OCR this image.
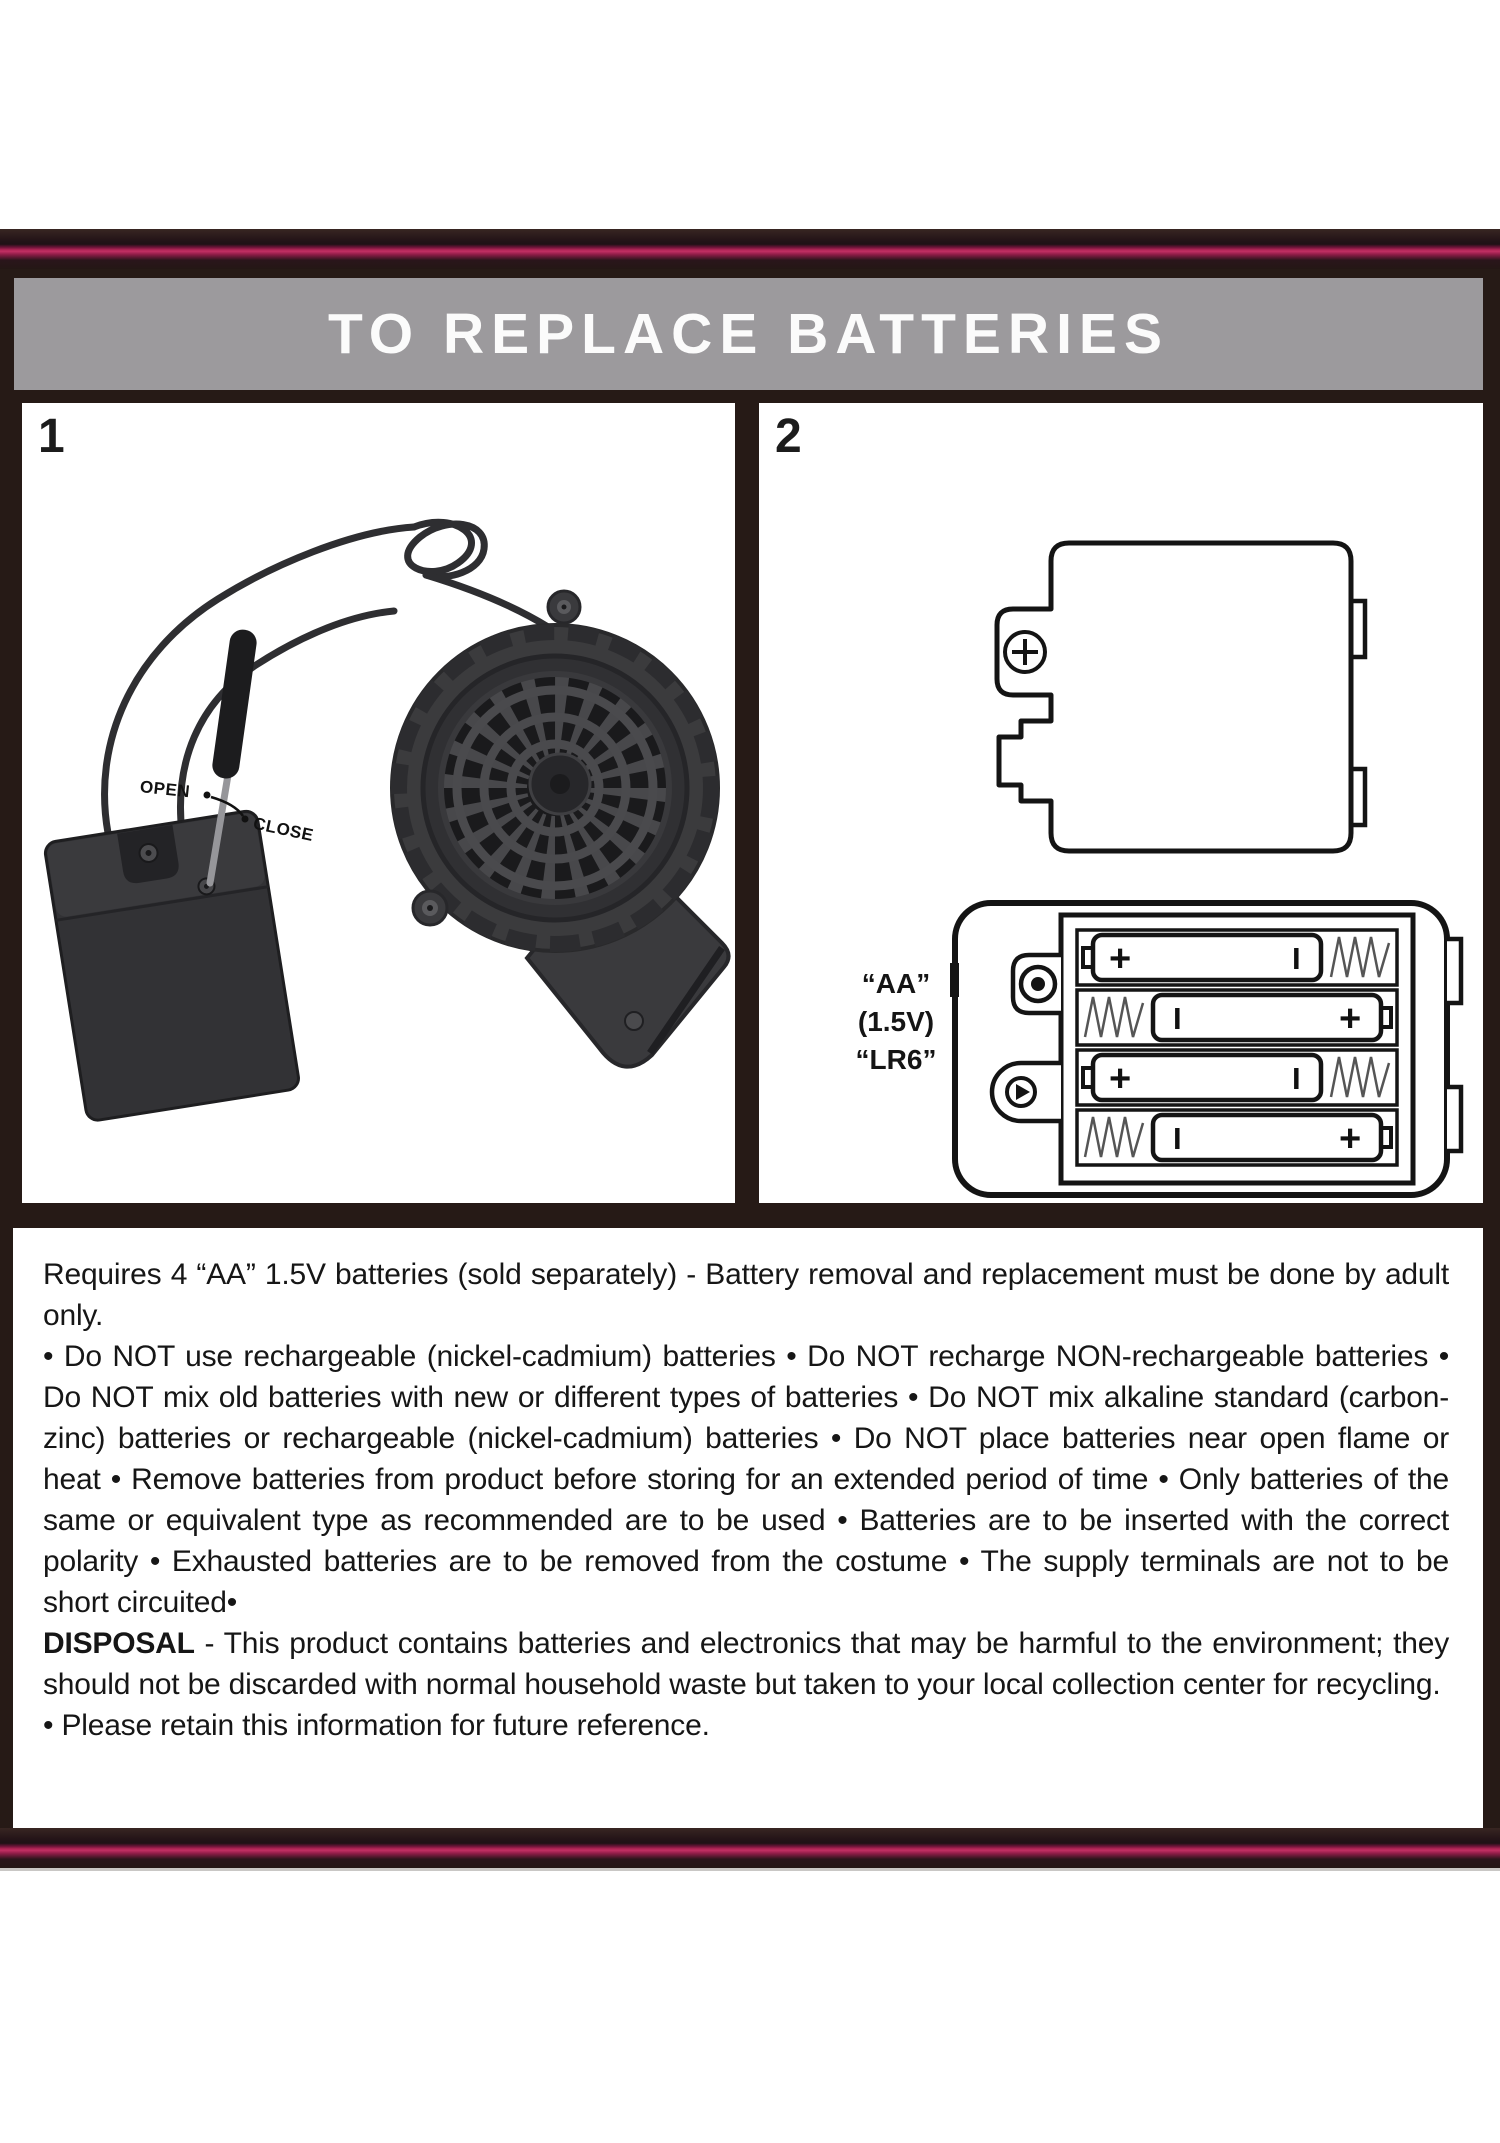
TO REPLACE BATTERIES
1
OPEN
CLOSE
2
+	I
I	+
+	I
I	+
“AA”
(1.5V)
“LR6”

Requires 4 “AA” 1.5V batteries (sold separately) - Battery removal and replacement must be done by adult only.

• Do NOT use rechargeable (nickel-cadmium) batteries • Do NOT recharge NON-rechargeable batteries • Do NOT mix old batteries with new or different types of batteries • Do NOT mix alkaline standard (carbon-zinc) batteries or rechargeable (nickel-cadmium) batteries • Do NOT place batteries near open flame or heat • Remove batteries from product before storing for an extended period of time • Only batteries of the same or equivalent type as recommended are to be used • Batteries are to be inserted with the correct polarity • Exhausted batteries are to be removed from the costume • The supply terminals are not to be short circuited•

DISPOSAL - This product contains batteries and electronics that may be harmful to the environment; they should not be discarded with normal household waste but taken to your local collection center for recycling.

• Please retain this information for future reference.
